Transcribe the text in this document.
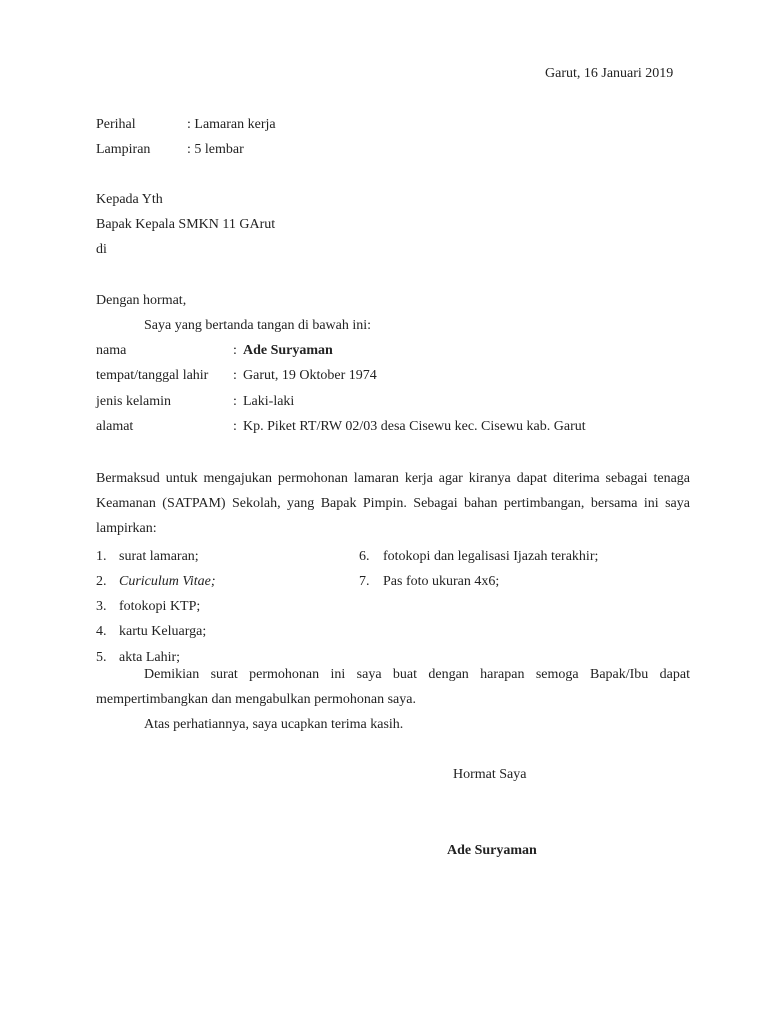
Garut, 16 Januari 2019
Perihal	: Lamaran kerja
Lampiran	: 5 lembar
Kepada Yth
Bapak Kepala SMKN 11 GArut
di
Dengan hormat,
Saya yang bertanda tangan di bawah ini:
nama	: Ade Suryaman
tempat/tanggal lahir : Garut, 19 Oktober 1974
jenis kelamin	: Laki-laki
alamat	: Kp. Piket RT/RW 02/03 desa Cisewu kec. Cisewu kab. Garut
Bermaksud untuk mengajukan permohonan lamaran kerja agar kiranya dapat diterima sebagai tenaga Keamanan (SATPAM) Sekolah, yang Bapak Pimpin. Sebagai bahan pertimbangan, bersama ini saya lampirkan:
1. surat lamaran;
2. Curiculum Vitae;
3. fotokopi KTP;
4. kartu Keluarga;
5. akta Lahir;
6. fotokopi dan legalisasi Ijazah terakhir;
7. Pas foto ukuran 4x6;
Demikian surat permohonan ini saya buat dengan harapan semoga Bapak/Ibu dapat mempertimbangkan dan mengabulkan permohonan saya.
Atas perhatiannya, saya ucapkan terima kasih.
Hormat Saya
Ade Suryaman
